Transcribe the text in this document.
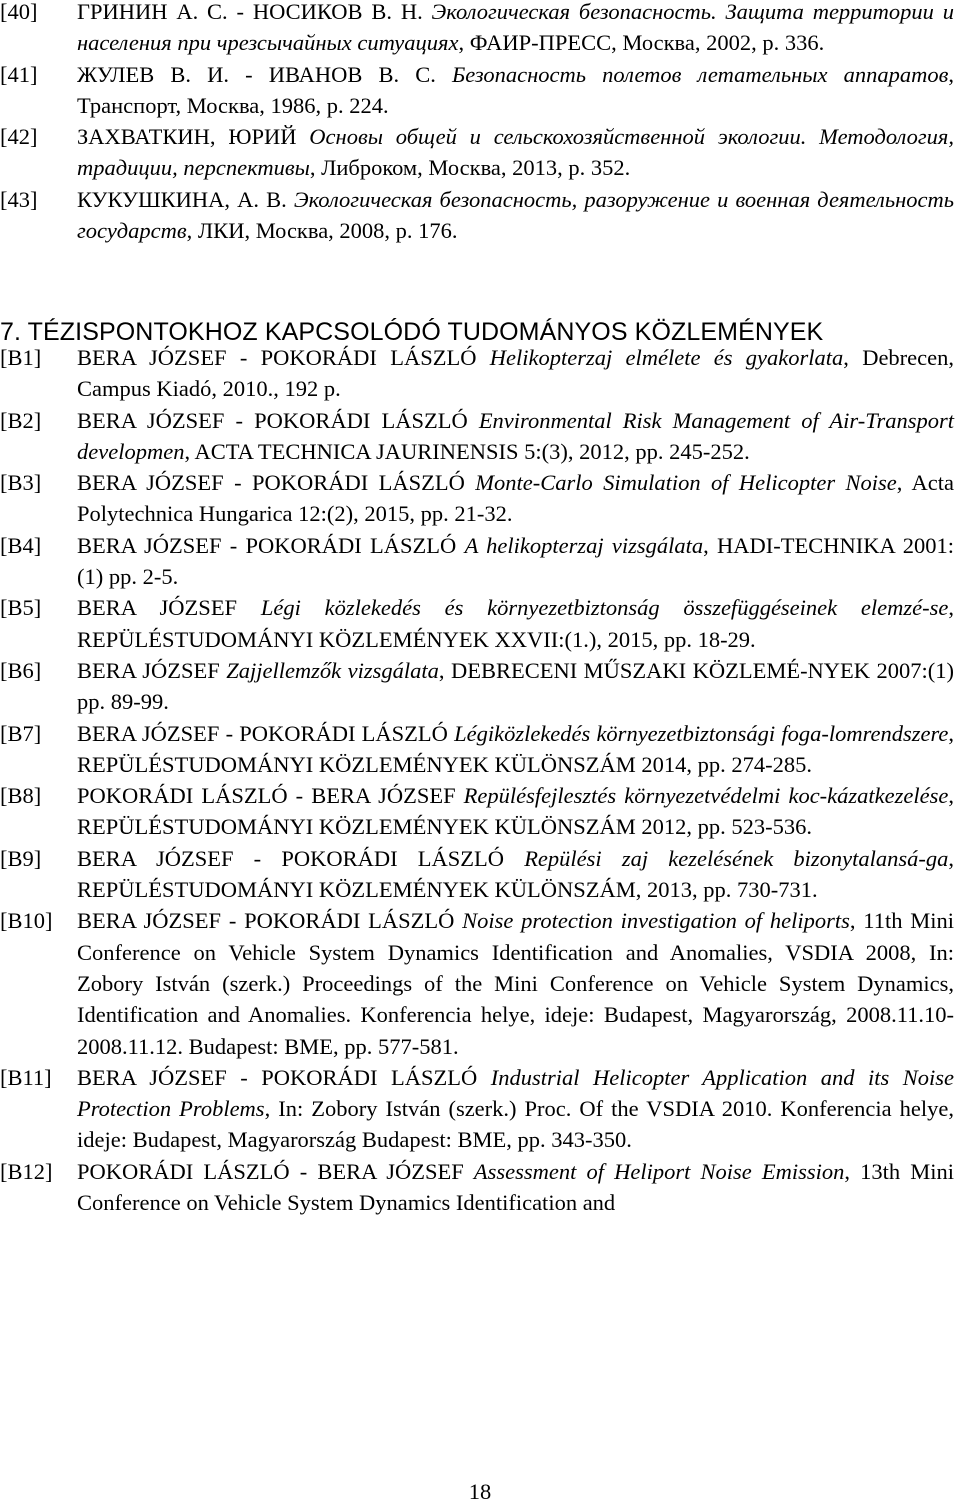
[40] ГРИНИН А. С. - НОСИКОВ В. Н. Экологическая безопасность. Защита территории и населения при чрезсычайных ситуациях, ФАИР-ПРЕСС, Москва, 2002, p. 336.
[41] ЖУЛЕВ В. И. - ИВАНОВ В. С. Безопасность полетов летательных аппаратов, Транспорт, Москва, 1986, p. 224.
[42] ЗАХВАТКИН, ЮРИЙ Основы общей и сельскохозяйственной экологии. Методология, традиции, перспективы, Либроком, Москва, 2013, p. 352.
[43] КУКУШКИНА, А. В. Экологическая безопасность, разоружение и военная деятельность государств, ЛКИ, Москва, 2008, p. 176.
7. TÉZISPONTOKHOZ KAPCSOLÓDÓ TUDOMÁNYOS KÖZLEMÉNYEK
[B1] BERA JÓZSEF - POKORÁDI LÁSZLÓ Helikopterzaj elmélete és gyakorlata, Debrecen, Campus Kiadó, 2010., 192 p.
[B2] BERA JÓZSEF - POKORÁDI LÁSZLÓ Environmental Risk Management of Air-Transport developmen, ACTA TECHNICA JAURINENSIS 5:(3), 2012, pp. 245-252.
[B3] BERA JÓZSEF - POKORÁDI LÁSZLÓ Monte-Carlo Simulation of Helicopter Noise, Acta Polytechnica Hungarica 12:(2), 2015, pp. 21-32.
[B4] BERA JÓZSEF - POKORÁDI LÁSZLÓ A helikopterzaj vizsgálata, HADI-TECHNIKA 2001:(1) pp. 2-5.
[B5] BERA JÓZSEF Légi közlekedés és környezetbiztonság összefüggéseinek elemzé-se, REPÜLÉSTUDOMÁNYI KÖZLEMÉNYEK XXVII:(1.), 2015, pp. 18-29.
[B6] BERA JÓZSEF Zajjellemzők vizsgálata, DEBRECENI MŰSZAKI KÖZLEMÉ-NYEK 2007:(1) pp. 89-99.
[B7] BERA JÓZSEF - POKORÁDI LÁSZLÓ Légiközlekedés környezetbiztonsági foga-lomrendszere, REPÜLÉSTUDOMÁNYI KÖZLEMÉNYEK KÜLÖNSZÁM 2014, pp. 274-285.
[B8] POKORÁDI LÁSZLÓ - BERA JÓZSEF Repülésfejlesztés környezetvédelmi koc-kázatkezelése, REPÜLÉSTUDOMÁNYI KÖZLEMÉNYEK KÜLÖNSZÁM 2012, pp. 523-536.
[B9] BERA JÓZSEF - POKORÁDI LÁSZLÓ Repülési zaj kezelésének bizonytalansá-ga, REPÜLÉSTUDOMÁNYI KÖZLEMÉNYEK KÜLÖNSZÁM, 2013, pp. 730-731.
[B10] BERA JÓZSEF - POKORÁDI LÁSZLÓ Noise protection investigation of heliports, 11th Mini Conference on Vehicle System Dynamics Identification and Anomalies, VSDIA 2008, In: Zobory István (szerk.) Proceedings of the Mini Conference on Vehicle System Dynamics, Identification and Anomalies. Konferencia helye, ideje: Budapest, Magyarország, 2008.11.10-2008.11.12. Budapest: BME, pp. 577-581.
[B11] BERA JÓZSEF - POKORÁDI LÁSZLÓ Industrial Helicopter Application and its Noise Protection Problems, In: Zobory István (szerk.) Proc. Of the VSDIA 2010. Konferencia helye, ideje: Budapest, Magyarország Budapest: BME, pp. 343-350.
[B12] POKORÁDI LÁSZLÓ - BERA JÓZSEF Assessment of Heliport Noise Emission, 13th Mini Conference on Vehicle System Dynamics Identification and
18
